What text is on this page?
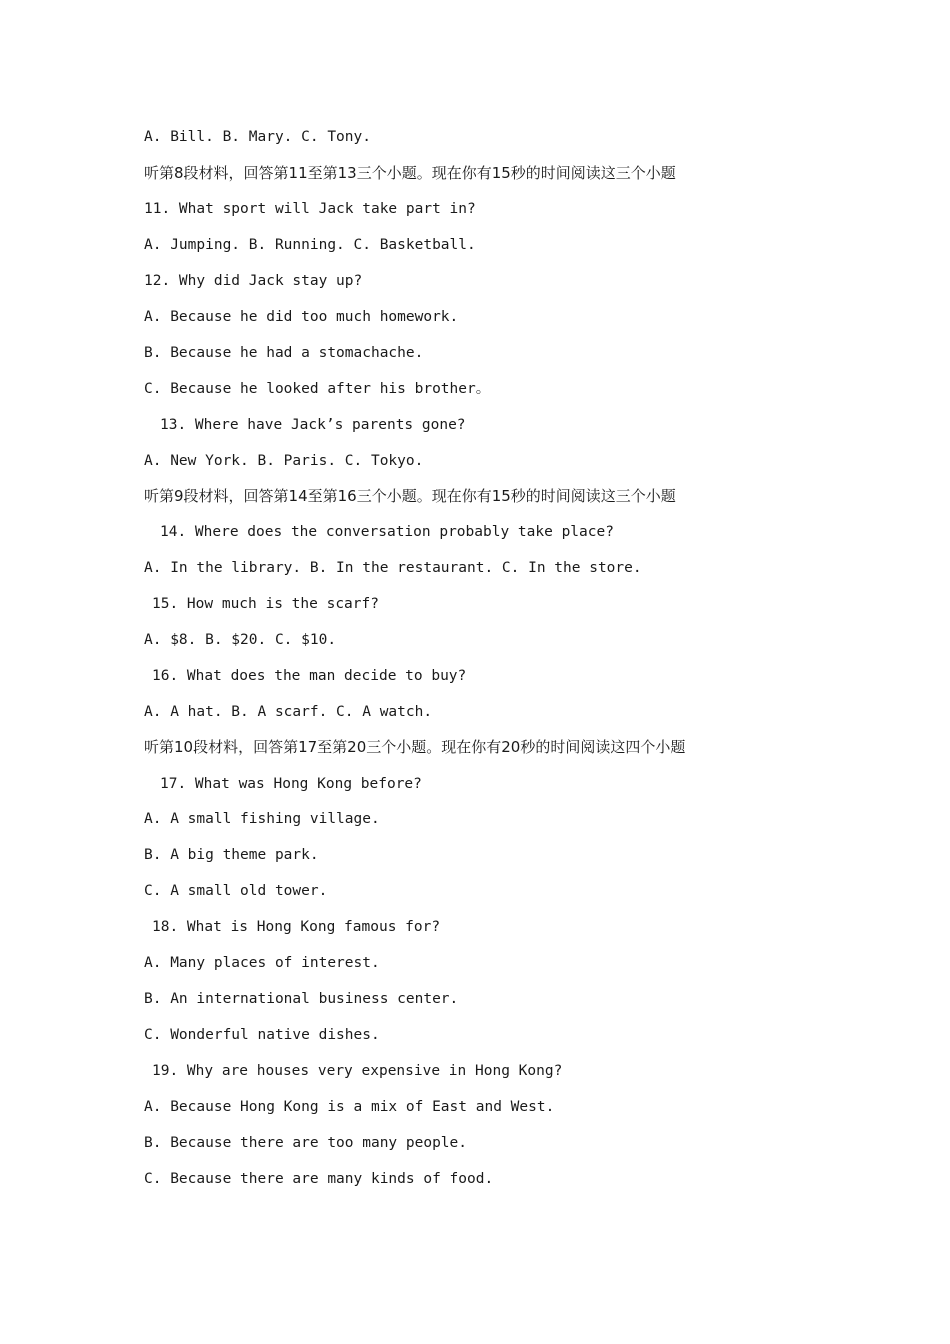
A. Bill. B. Mary. C. Tony.
听第8段材料，回答第11至第13三个小题。现在你有15秒的时间阅读这三个小题
11. What sport will Jack take part in?
A. Jumping. B. Running. C. Basketball.
12. Why did Jack stay up?
A. Because he did too much homework.
B. Because he had a stomachache.
C. Because he looked after his brother。
13. Where have Jack’s parents gone?
A. New York. B. Paris. C. Tokyo.
听第9段材料，回答第14至第16三个小题。现在你有15秒的时间阅读这三个小题
14. Where does the conversation probably take place?
A. In the library. B. In the restaurant. C. In the store.
15. How much is the scarf?
A. $8. B. $20. C. $10.
16. What does the man decide to buy?
A. A hat. B. A scarf. C. A watch.
听第10段材料，回答第17至第20三个小题。现在你有20秒的时间阅读这四个小题
17. What was Hong Kong before?
A. A small fishing village.
B. A big theme park.
C. A small old tower.
18. What is Hong Kong famous for?
A. Many places of interest.
B. An international business center.
C. Wonderful native dishes.
19. Why are houses very expensive in Hong Kong?
A. Because Hong Kong is a mix of East and West.
B. Because there are too many people.
C. Because there are many kinds of food.
